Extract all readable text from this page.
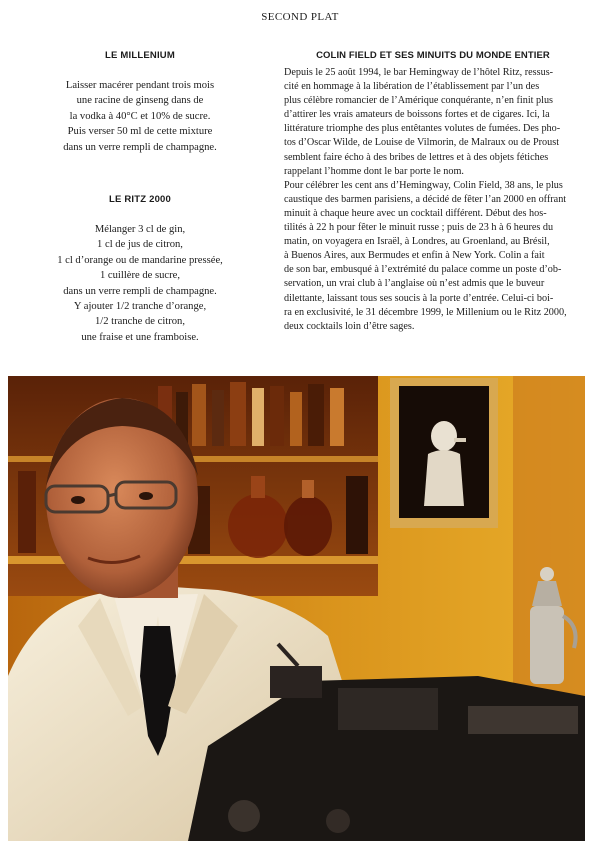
SECOND PLAT
LE MILLENIUM
Laisser macérer pendant trois mois
une racine de ginseng dans de
la vodka à 40°C et 10% de sucre.
Puis verser 50 ml de cette mixture
dans un verre rempli de champagne.
LE RITZ 2000
Mélanger 3 cl de gin,
1 cl de jus de citron,
1 cl d’orange ou de mandarine pressée,
1 cuillère de sucre,
dans un verre rempli de champagne.
Y ajouter 1/2 tranche d’orange,
1/2 tranche de citron,
une fraise et une framboise.
COLIN FIELD ET SES MINUITS DU MONDE ENTIER
Depuis le 25 août 1994, le bar Hemingway de l’hôtel Ritz, ressus-
cité en hommage à la libération de l’établissement par l’un des
plus célèbre romancier de l’Amérique conquérante, n’en finit plus
d’attirer les vrais amateurs de boissons fortes et de cigares. Ici, la
littérature triomphe des plus entêtantes volutes de fumées. Des pho-
tos d’Oscar Wilde, de Louise de Vilmorin, de Malraux ou de Proust
semblent faire écho à des bribes de lettres et à des objets fétiches
rappelant l’homme dont le bar porte le nom.
Pour célébrer les cent ans d’Hemingway, Colin Field, 38 ans, le plus
caustique des barmen parisiens, a décidé de fêter l’an 2000 en offrant
minuit à chaque heure avec un cocktail différent. Début des hos-
tilités à 22 h pour fêter le minuit russe ; puis de 23 h à 6 heures du
matin, on voyagera en Israël, à Londres, au Groenland, au Brésil,
à Buenos Aires, aux Bermudes et enfin à New York. Colin a fait
de son bar, embusqué à l’extrémité du palace comme un poste d’ob-
servation, un vrai club à l’anglaise où n’est admis que le buveur
dilettante, laissant tous ses soucis à la porte d’entrée. Celui-ci boi-
ra en exclusivité, le 31 décembre 1999, le Millenium ou le Ritz 2000,
deux cocktails loin d’être sages.
